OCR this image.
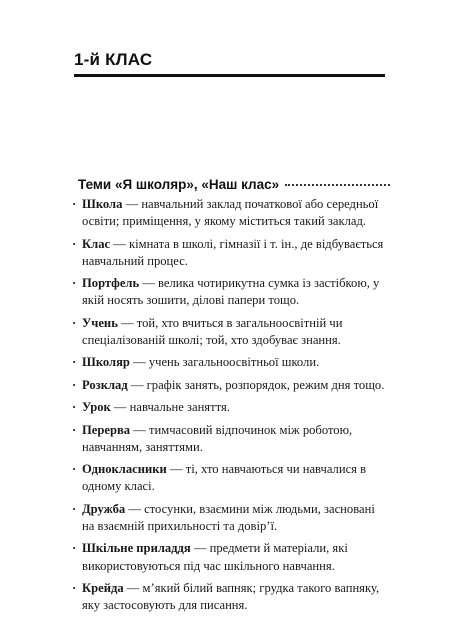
1-й КЛАС
Теми «Я школяр», «Наш клас»
· Школа — навчальний заклад початкової або середньої освіти; приміщення, у якому міститься такий заклад.
· Клас — кімната в школі, гімназії і т. ін., де відбувається навчальний процес.
· Портфель — велика чотирикутна сумка із застібкою, у якій носять зошити, ділові папери тощо.
· Учень — той, хто вчиться в загальноосвітній чи спеціалізованій школі; той, хто здобуває знання.
· Школяр — учень загальноосвітньої школи.
· Розклад — графік занять, розпорядок, режим дня тощо.
· Урок — навчальне заняття.
· Перерва — тимчасовий відпочинок між роботою, навчанням, заняттями.
· Однокласники — ті, хто навчаються чи навчалися в одному класі.
· Дружба — стосунки, взаємини між людьми, засновані на взаємній прихильності та довір’ї.
· Шкільне приладдя — предмети й матеріали, які використовуються під час шкільного навчання.
· Крейда — м’який білий вапняк; грудка такого вапняку, яку застосовують для писання.
